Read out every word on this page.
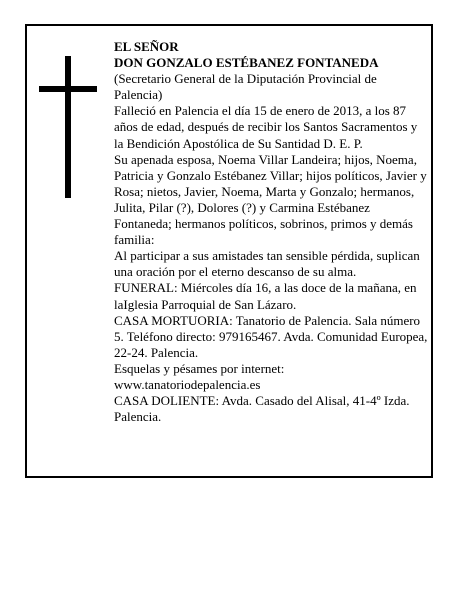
EL SEÑOR

DON GONZALO ESTÉBANEZ FONTANEDA

(Secretario General de la Diputación Provincial de Palencia)

Falleció en Palencia el día 15 de enero de 2013, a los 87 años de edad, después de recibir los Santos Sacramentos y la Bendición Apostólica de Su Santidad D. E. P.

Su apenada esposa, Noema Villar Landeira; hijos, Noema, Patricia y Gonzalo Estébanez Villar; hijos políticos, Javier y Rosa; nietos, Javier, Noema, Marta y Gonzalo; hermanos, Julita, Pilar (?), Dolores (?) y Carmina Estébanez Fontaneda; hermanos políticos, sobrinos, primos y demás familia:

Al participar a sus amistades tan sensible pérdida, suplican una oración por el eterno descanso de su alma.

FUNERAL: Miércoles día 16, a las doce de la mañana, en laIglesia Parroquial de San Lázaro.

CASA MORTUORIA: Tanatorio de Palencia. Sala número 5. Teléfono directo: 979165467. Avda. Comunidad Europea, 22-24. Palencia.

Esquelas y pésames por internet: www.tanatoriodepalencia.es

CASA DOLIENTE: Avda. Casado del Alisal, 41-4º Izda. Palencia.
